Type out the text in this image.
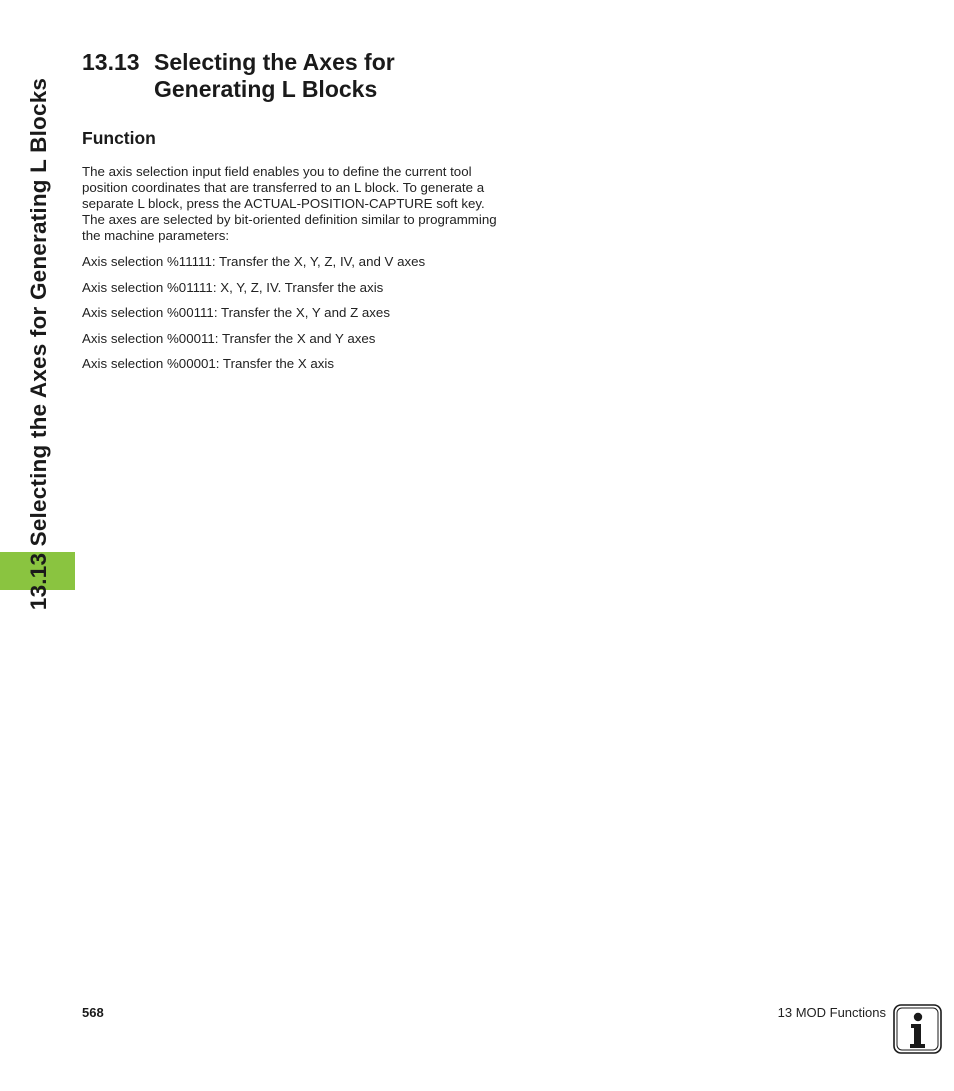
13.13 Selecting the Axes for Generating L Blocks
13.13 Selecting the Axes for
Generating L Blocks
Function

The axis selection input field enables you to define the current tool
position coordinates that are transferred to an L block. To generate a
separate L block, press the ACTUAL-POSITION-CAPTURE soft key.
The axes are selected by bit-oriented definition similar to programming
the machine parameters:

Axis selection %11111: Transfer the X, Y, Z, IV, and V axes

Axis selection %01111: X, Y, Z, IV. Transfer the axis

Axis selection %00111: Transfer the X, Y and Z axes

Axis selection %00011: Transfer the X and Y axes

Axis selection %00001: Transfer the X axis

568	13 MOD Functions
